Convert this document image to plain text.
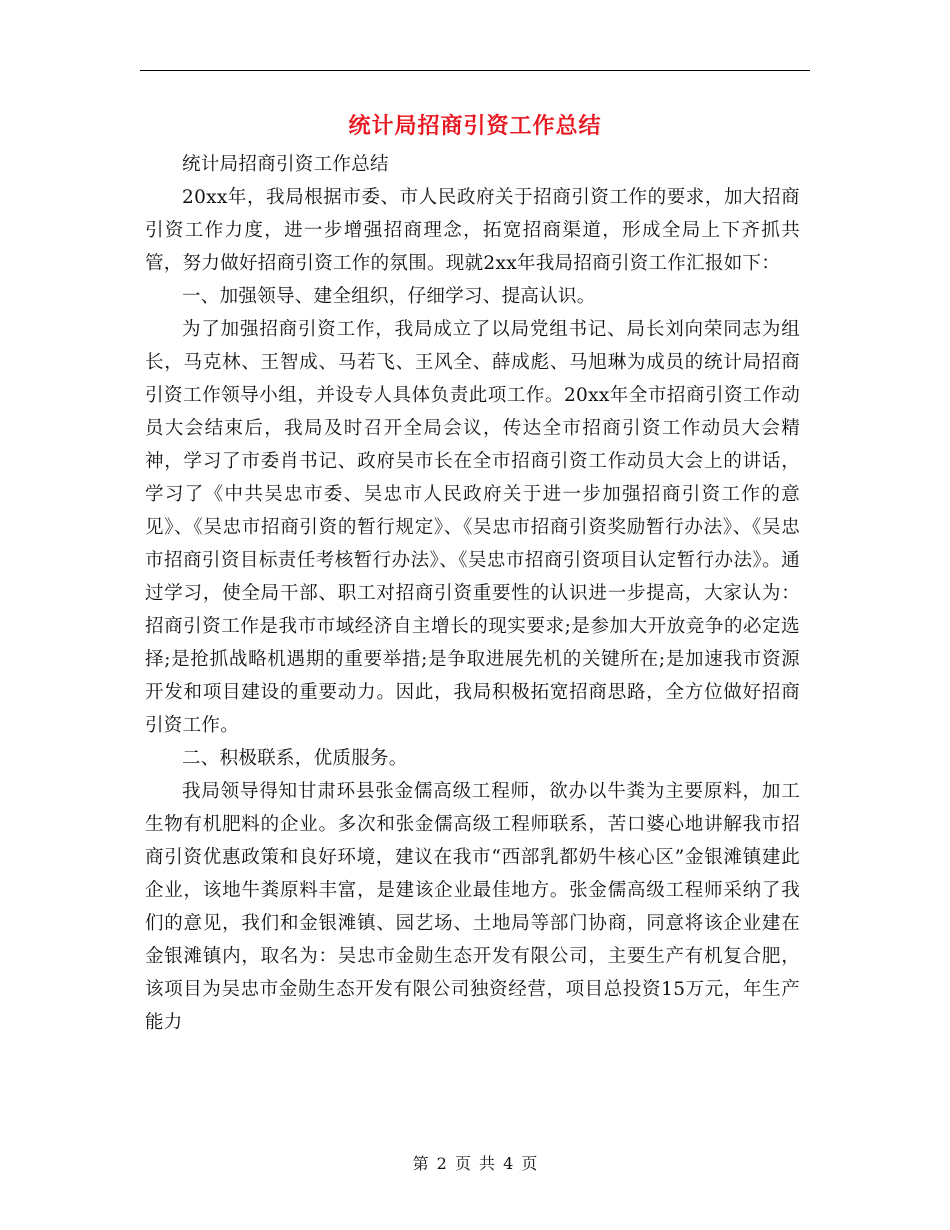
统计局招商引资工作总结

统计局招商引资工作总结

20xx年，我局根据市委、市人民政府关于招商引资工作的要求，加大招商引资工作力度，进一步增强招商理念，拓宽招商渠道，形成全局上下齐抓共管，努力做好招商引资工作的氛围。现就2xx年我局招商引资工作汇报如下：

一、加强领导、建全组织，仔细学习、提高认识。

为了加强招商引资工作，我局成立了以局党组书记、局长刘向荣同志为组长，马克林、王智成、马若飞、王风全、薛成彪、马旭琳为成员的统计局招商引资工作领导小组，并设专人具体负责此项工作。20xx年全市招商引资工作动员大会结束后，我局及时召开全局会议，传达全市招商引资工作动员大会精神，学习了市委肖书记、政府吴市长在全市招商引资工作动员大会上的讲话，学习了《中共吴忠市委、吴忠市人民政府关于进一步加强招商引资工作的意见》、《吴忠市招商引资的暂行规定》、《吴忠市招商引资奖励暂行办法》、《吴忠市招商引资目标责任考核暂行办法》、《吴忠市招商引资项目认定暂行办法》。通过学习，使全局干部、职工对招商引资重要性的认识进一步提高，大家认为：招商引资工作是我市市域经济自主增长的现实要求;是参加大开放竞争的必定选择;是抢抓战略机遇期的重要举措;是争取进展先机的关键所在;是加速我市资源开发和项目建设的重要动力。因此，我局积极拓宽招商思路，全方位做好招商引资工作。

二、积极联系，优质服务。

我局领导得知甘肃环县张金儒高级工程师，欲办以牛粪为主要原料，加工生物有机肥料的企业。多次和张金儒高级工程师联系，苦口婆心地讲解我市招商引资优惠政策和良好环境，建议在我市“西部乳都奶牛核心区”金银滩镇建此企业，该地牛粪原料丰富，是建该企业最佳地方。张金儒高级工程师采纳了我们的意见，我们和金银滩镇、园艺场、土地局等部门协商，同意将该企业建在金银滩镇内，取名为：吴忠市金勋生态开发有限公司，主要生产有机复合肥，该项目为吴忠市金勋生态开发有限公司独资经营，项目总投资15万元，年生产能力

第 2 页 共 4 页
